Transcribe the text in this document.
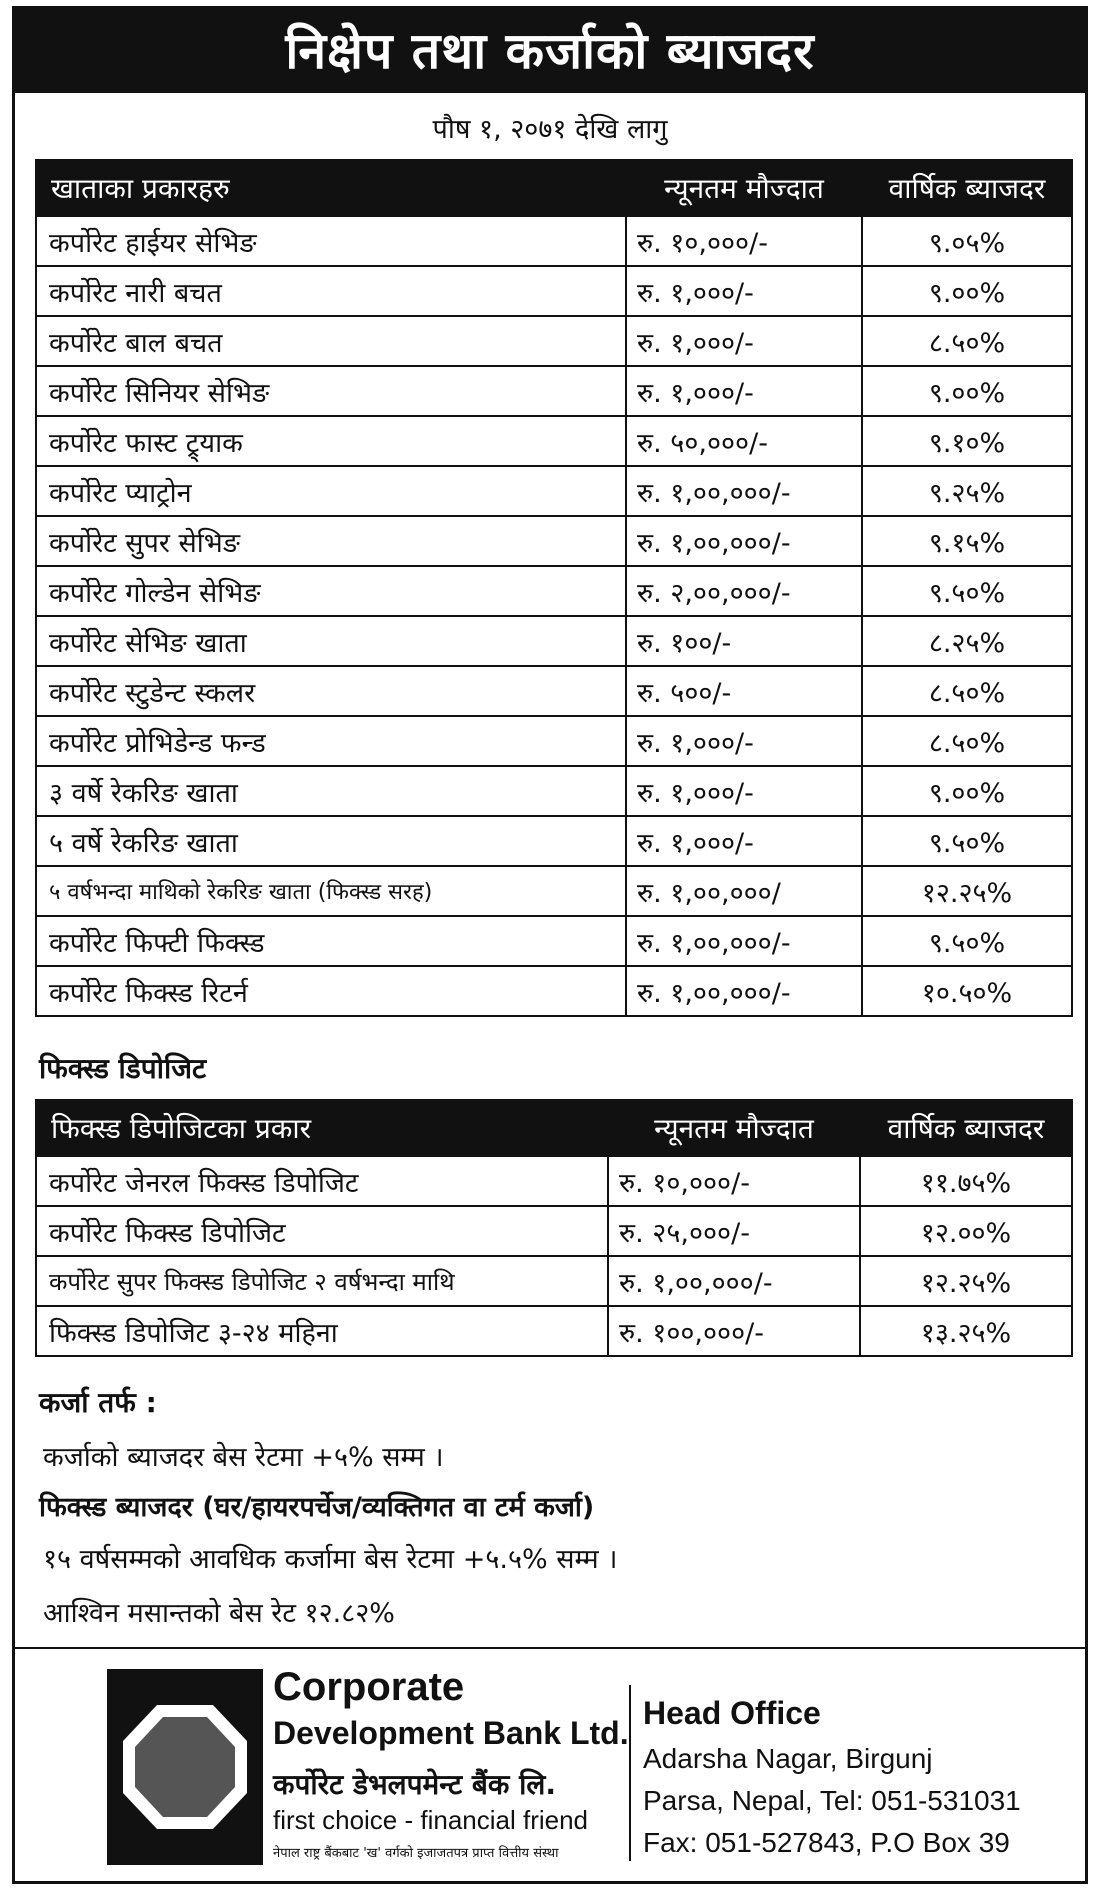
निक्षेप तथा कर्जाको ब्याजदर
पौष १, २०७१ देखि लागु
खाताका प्रकारहरु	न्यूनतम मौज्दात	वार्षिक ब्याजदर
कर्पोरेट हाईयर सेभिङ	रु. १०,०००/-	९.०५%
कर्पोरेट नारी बचत	रु. १,०००/-	९.००%
कर्पोरेट बाल बचत	रु. १,०००/-	८.५०%
कर्पोरेट सिनियर सेभिङ	रु. १,०००/-	९.००%
कर्पोरेट फास्ट ट्र्याक	रु. ५०,०००/-	९.१०%
कर्पोरेट प्याट्रोन	रु. १,००,०००/-	९.२५%
कर्पोरेट सुपर सेभिङ	रु. १,००,०००/-	९.१५%
कर्पोरेट गोल्डेन सेभिङ	रु. २,००,०००/-	९.५०%
कर्पोरेट सेभिङ खाता	रु. १००/-	८.२५%
कर्पोरेट स्टुडेन्ट स्कलर	रु. ५००/-	८.५०%
कर्पोरेट प्रोभिडेन्ड फन्ड	रु. १,०००/-	८.५०%
३ वर्षे रेकरिङ खाता	रु. १,०००/-	९.००%
५ वर्षे रेकरिङ खाता	रु. १,०००/-	९.५०%
५ वर्षभन्दा माथिको रेकरिङ खाता (फिक्स्ड सरह)	रु. १,००,०००/	१२.२५%
कर्पोरेट फिफ्टी फिक्स्ड	रु. १,००,०००/-	९.५०%
कर्पोरेट फिक्स्ड रिटर्न	रु. १,००,०००/-	१०.५०%
फिक्स्ड डिपोजिट
फिक्स्ड डिपोजिटका प्रकार	न्यूनतम मौज्दात	वार्षिक ब्याजदर
कर्पोरेट जेनरल फिक्स्ड डिपोजिट	रु. १०,०००/-	११.७५%
कर्पोरेट फिक्स्ड डिपोजिट	रु. २५,०००/-	१२.००%
कर्पोरेट सुपर फिक्स्ड डिपोजिट २ वर्षभन्दा माथि	रु. १,००,०००/-	१२.२५%
फिक्स्ड डिपोजिट ३-२४ महिना	रु. १००,०००/-	१३.२५%
कर्जा तर्फ :
कर्जाको ब्याजदर बेस रेटमा +५% सम्म ।
फिक्स्ड ब्याजदर (घर/हायरपर्चेज/व्यक्तिगत वा टर्म कर्जा)
१५ वर्षसम्मको आवधिक कर्जामा बेस रेटमा +५.५% सम्म ।
आश्विन मसान्तको बेस रेट १२.८२%
Corporate
Development Bank Ltd.
कर्पोरेट डेभलपमेन्ट बैंक लि.
first choice - financial friend
नेपाल राष्ट्र बैंकबाट 'ख' वर्गको इजाजतपत्र प्राप्त वित्तीय संस्था
Head Office
Adarsha Nagar, Birgunj
Parsa, Nepal, Tel: 051-531031
Fax: 051-527843, P.O Box 39
